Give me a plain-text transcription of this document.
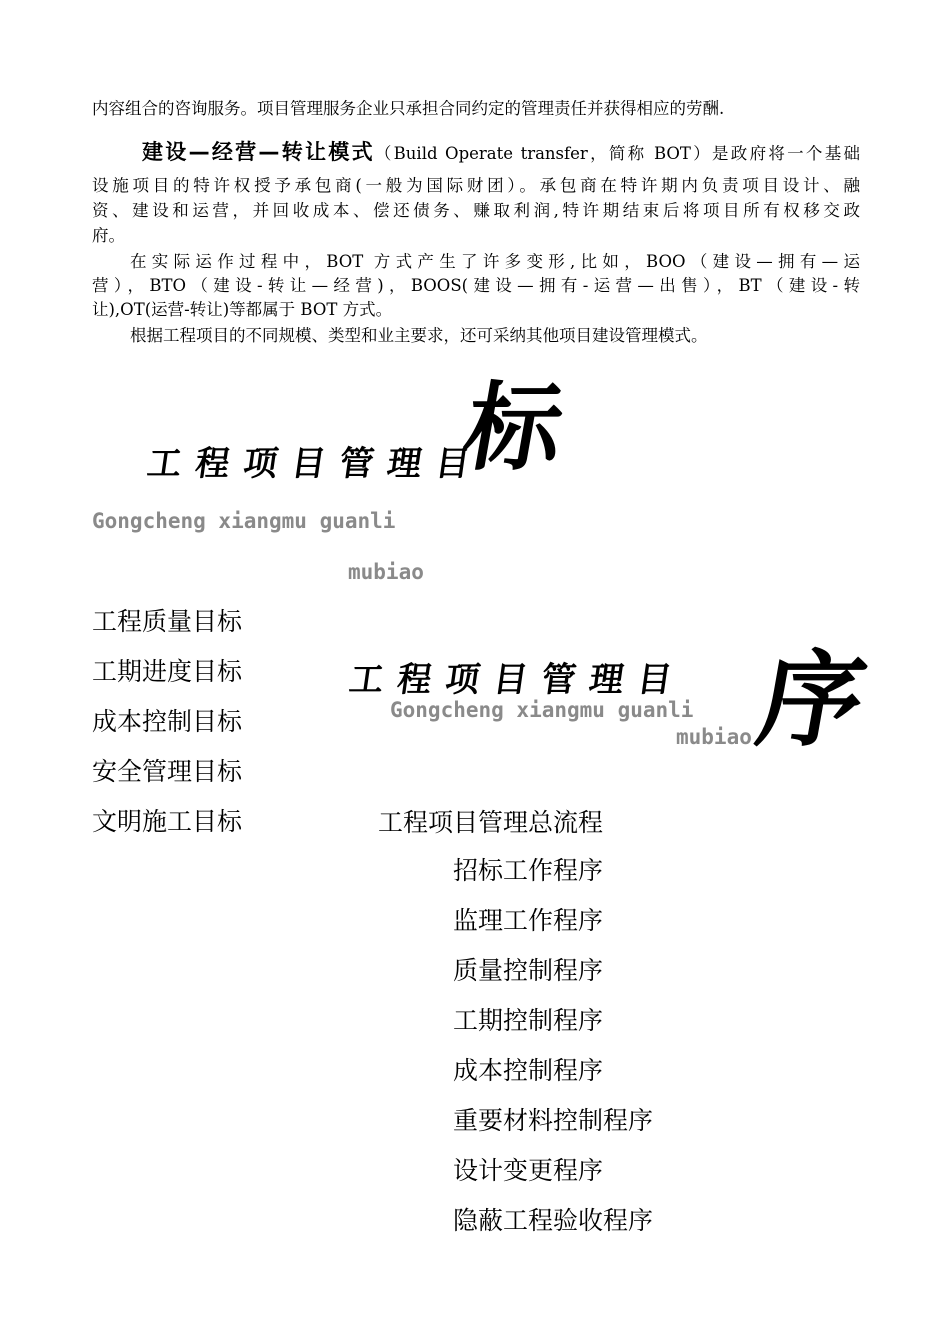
内容组合的咨询服务。项目管理服务企业只承担合同约定的管理责任并获得相应的劳酬.

建设—经营—转让模式（Build Operate transfer，简称 BOT）是政府将一个基础

设施项目的特许权授予承包商(一般为国际财团）。承包商在特许期内负责项目设计、融

资、建设和运营，并回收成本、偿还债务、赚取利润,特许期结束后将项目所有权移交政

府。

在实际运作过程中，BOT 方式产生了许多变形,比如，BOO（建设—拥有—运

营），BTO（建设-转让—经营)，BOOS(建设—拥有-运营—出售），BT（建设-转

让),OT(运营-转让)等都属于 BOT 方式。

根据工程项目的不同规模、类型和业主要求，还可采纳其他项目建设管理模式。

工程项目管理目
标
Gongcheng xiangmu guanli
mubiao
工程质量目标
工期进度目标
成本控制目标
安全管理目标
文明施工目标
工程项目管理目 序
Gongcheng xiangmu guanli
mubiao
工程项目管理总流程
招标工作程序
监理工作程序
质量控制程序
工期控制程序
成本控制程序
重要材料控制程序
设计变更程序
隐蔽工程验收程序
